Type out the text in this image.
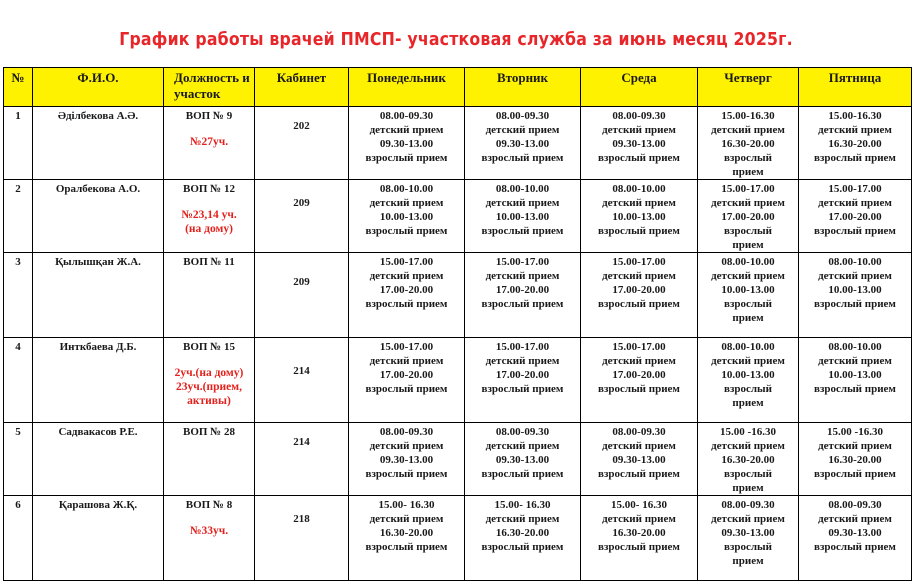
График работы врачей ПМСП- участковая служба за июнь месяц 2025г.
№	Ф.И.О.	Должность и участок	Кабинет	Понедельник	Вторник	Среда	Четверг	Пятница
1	Әділбекова А.Ә.	ВОП № 9
№27уч.	202	08.00-09.30
детский прием
09.30-13.00
взрослый прием	08.00-09.30
детский прием
09.30-13.00
взрослый прием	08.00-09.30
детский прием
09.30-13.00
взрослый прием	15.00-16.30
детский прием
16.30-20.00
взрослый
прием	15.00-16.30
детский прием
16.30-20.00
взрослый прием

2	Оралбекова А.О.	ВОП № 12
№23,14 уч.
(на дому)	209	08.00-10.00
детский прием
10.00-13.00
взрослый прием	08.00-10.00
детский прием
10.00-13.00
взрослый прием	08.00-10.00
детский прием
10.00-13.00
взрослый прием	15.00-17.00
детский прием
17.00-20.00
взрослый
прием	15.00-17.00
детский прием
17.00-20.00
взрослый прием

3	Қылышқан Ж.А.	ВОП № 11	209	15.00-17.00
детский прием
17.00-20.00
взрослый прием	15.00-17.00
детский прием
17.00-20.00
взрослый прием	15.00-17.00
детский прием
17.00-20.00
взрослый прием	08.00-10.00
детский прием
10.00-13.00
взрослый
прием	08.00-10.00
детский прием
10.00-13.00
взрослый прием

4	Инткбаева Д.Б.	ВОП № 15
2уч.(на дому)
23уч.(прием,
активы)	214	15.00-17.00
детский прием
17.00-20.00
взрослый прием	15.00-17.00
детский прием
17.00-20.00
взрослый прием	15.00-17.00
детский прием
17.00-20.00
взрослый прием	08.00-10.00
детский прием
10.00-13.00
взрослый
прием	08.00-10.00
детский прием
10.00-13.00
взрослый прием

5	Садвакасов Р.Е.	ВОП № 28	214	08.00-09.30
детский прием
09.30-13.00
взрослый прием	08.00-09.30
детский прием
09.30-13.00
взрослый прием	08.00-09.30
детский прием
09.30-13.00
взрослый прием	15.00 -16.30
детский прием
16.30-20.00
взрослый
прием	15.00 -16.30
детский прием
16.30-20.00
взрослый прием

6	Қарашова Ж.Қ.	ВОП № 8
№33уч.	218	15.00- 16.30
детский прием
16.30-20.00
взрослый прием	15.00- 16.30
детский прием
16.30-20.00
взрослый прием	15.00- 16.30
детский прием
16.30-20.00
взрослый прием	08.00-09.30
детский прием
09.30-13.00
взрослый
прием	08.00-09.30
детский прием
09.30-13.00
взрослый прием
